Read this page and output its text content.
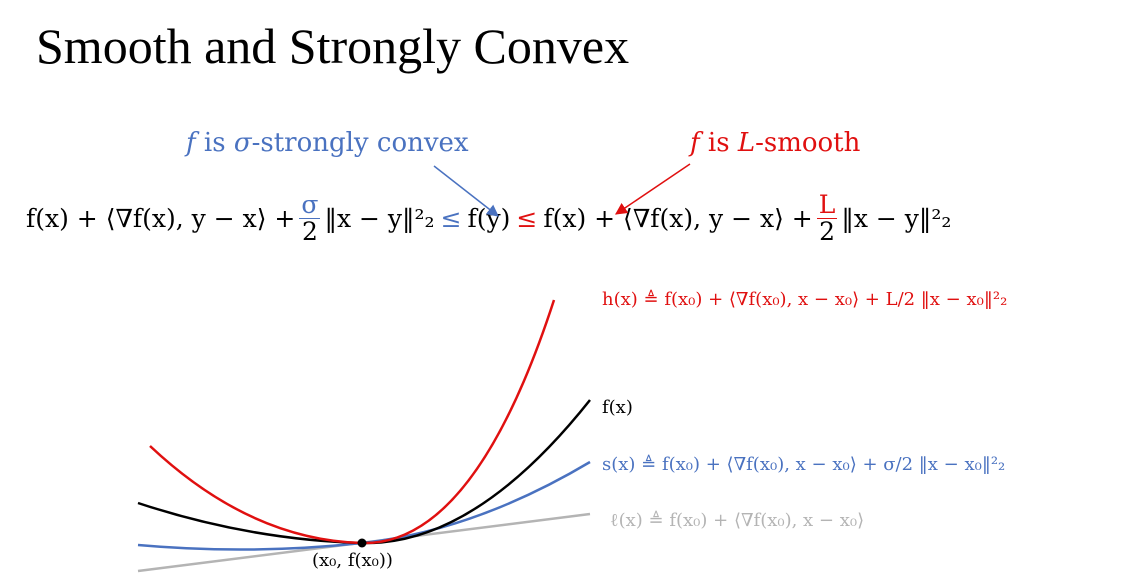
Smooth and Strongly Convex
f is σ-strongly convex	f is L-smooth
f(x) + ⟨∇f(x), y − x⟩ + $\frac{\sigma}{2}$ ‖x − y‖²₂ ≤ f(y) ≤ f(x) + ⟨∇f(x), y − x⟩ + $\frac{L}{2}$ ‖x − y‖²₂
h(x) ≜ f(x₀) + ⟨∇f(x₀), x − x₀⟩ + L/2 ‖x − x₀‖²₂
f(x)
s(x) ≜ f(x₀) + ⟨∇f(x₀), x − x₀⟩ + σ/2 ‖x − x₀‖²₂
ℓ(x) ≜ f(x₀) + ⟨∇f(x₀), x − x₀⟩
(x₀, f(x₀))
